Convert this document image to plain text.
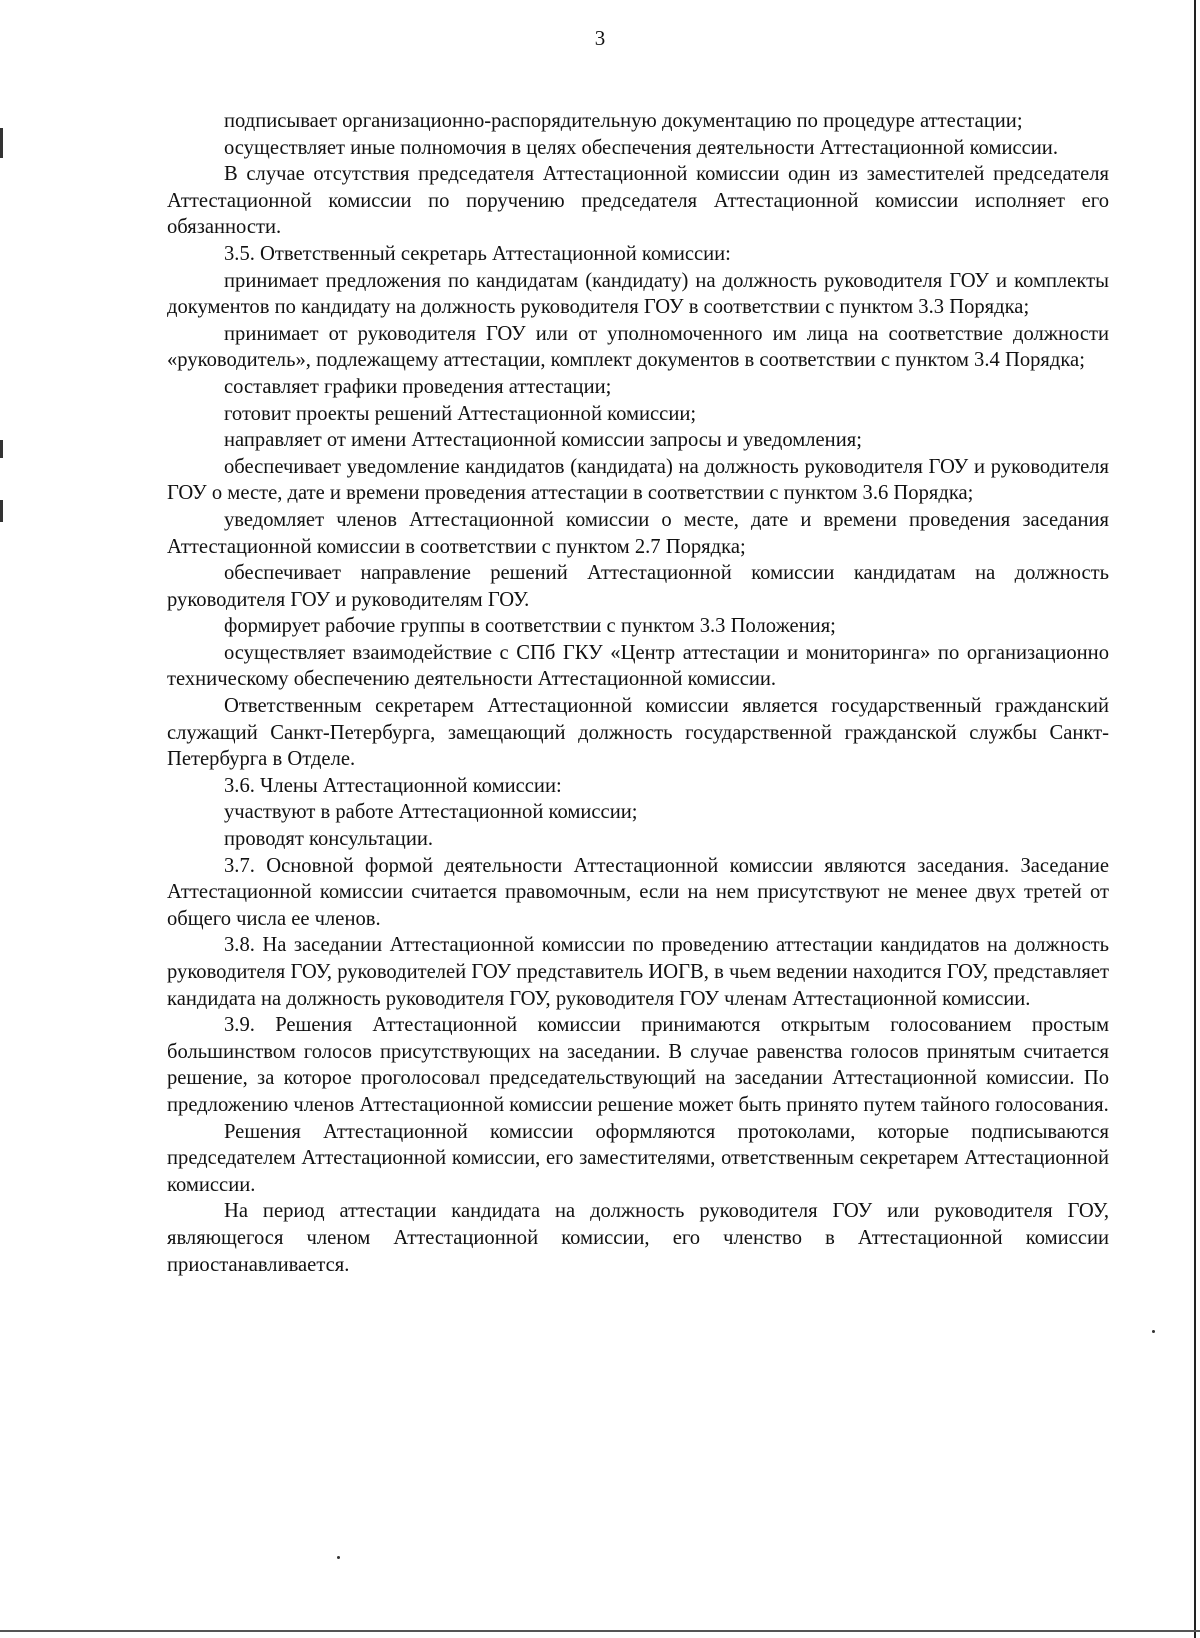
3

подписывает организационно-распорядительную документацию по процедуре аттестации;

осуществляет иные полномочия в целях обеспечения деятельности Аттестационной комиссии.

В случае отсутствия председателя Аттестационной комиссии один из заместителей председателя Аттестационной комиссии по поручению председателя Аттестационной комиссии исполняет его обязанности.

3.5. Ответственный секретарь Аттестационной комиссии:

принимает предложения по кандидатам (кандидату) на должность руководителя ГОУ и комплекты документов по кандидату на должность руководителя ГОУ в соответствии с пунктом 3.3 Порядка;

принимает от руководителя ГОУ или от уполномоченного им лица на соответствие должности «руководитель», подлежащему аттестации, комплект документов в соответствии с пунктом 3.4 Порядка;

составляет графики проведения аттестации;

готовит проекты решений Аттестационной комиссии;

направляет от имени Аттестационной комиссии запросы и уведомления;

обеспечивает уведомление кандидатов (кандидата) на должность руководителя ГОУ и руководителя ГОУ о месте, дате и времени проведения аттестации в соответствии с пунктом 3.6 Порядка;

уведомляет членов Аттестационной комиссии о месте, дате и времени проведения заседания Аттестационной комиссии в соответствии с пунктом 2.7 Порядка;

обеспечивает направление решений Аттестационной комиссии кандидатам на должность руководителя ГОУ и руководителям ГОУ.

формирует рабочие группы в соответствии с пунктом 3.3 Положения;

осуществляет взаимодействие с СПб ГКУ «Центр аттестации и мониторинга» по организационно техническому обеспечению деятельности Аттестационной комиссии.

Ответственным секретарем Аттестационной комиссии является государственный гражданский служащий Санкт-Петербурга, замещающий должность государственной гражданской службы Санкт-Петербурга в Отделе.

3.6. Члены Аттестационной комиссии:

участвуют в работе Аттестационной комиссии;

проводят консультации.

3.7. Основной формой деятельности Аттестационной комиссии являются заседания. Заседание Аттестационной комиссии считается правомочным, если на нем присутствуют не менее двух третей от общего числа ее членов.

3.8. На заседании Аттестационной комиссии по проведению аттестации кандидатов на должность руководителя ГОУ, руководителей ГОУ представитель ИОГВ, в чьем ведении находится ГОУ, представляет кандидата на должность руководителя ГОУ, руководителя ГОУ членам Аттестационной комиссии.

3.9. Решения Аттестационной комиссии принимаются открытым голосованием простым большинством голосов присутствующих на заседании. В случае равенства голосов принятым считается решение, за которое проголосовал председательствующий на заседании Аттестационной комиссии. По предложению членов Аттестационной комиссии решение может быть принято путем тайного голосования.

Решения Аттестационной комиссии оформляются протоколами, которые подписываются председателем Аттестационной комиссии, его заместителями, ответственным секретарем Аттестационной комиссии.

На период аттестации кандидата на должность руководителя ГОУ или руководителя ГОУ, являющегося членом Аттестационной комиссии, его членство в Аттестационной комиссии приостанавливается.
